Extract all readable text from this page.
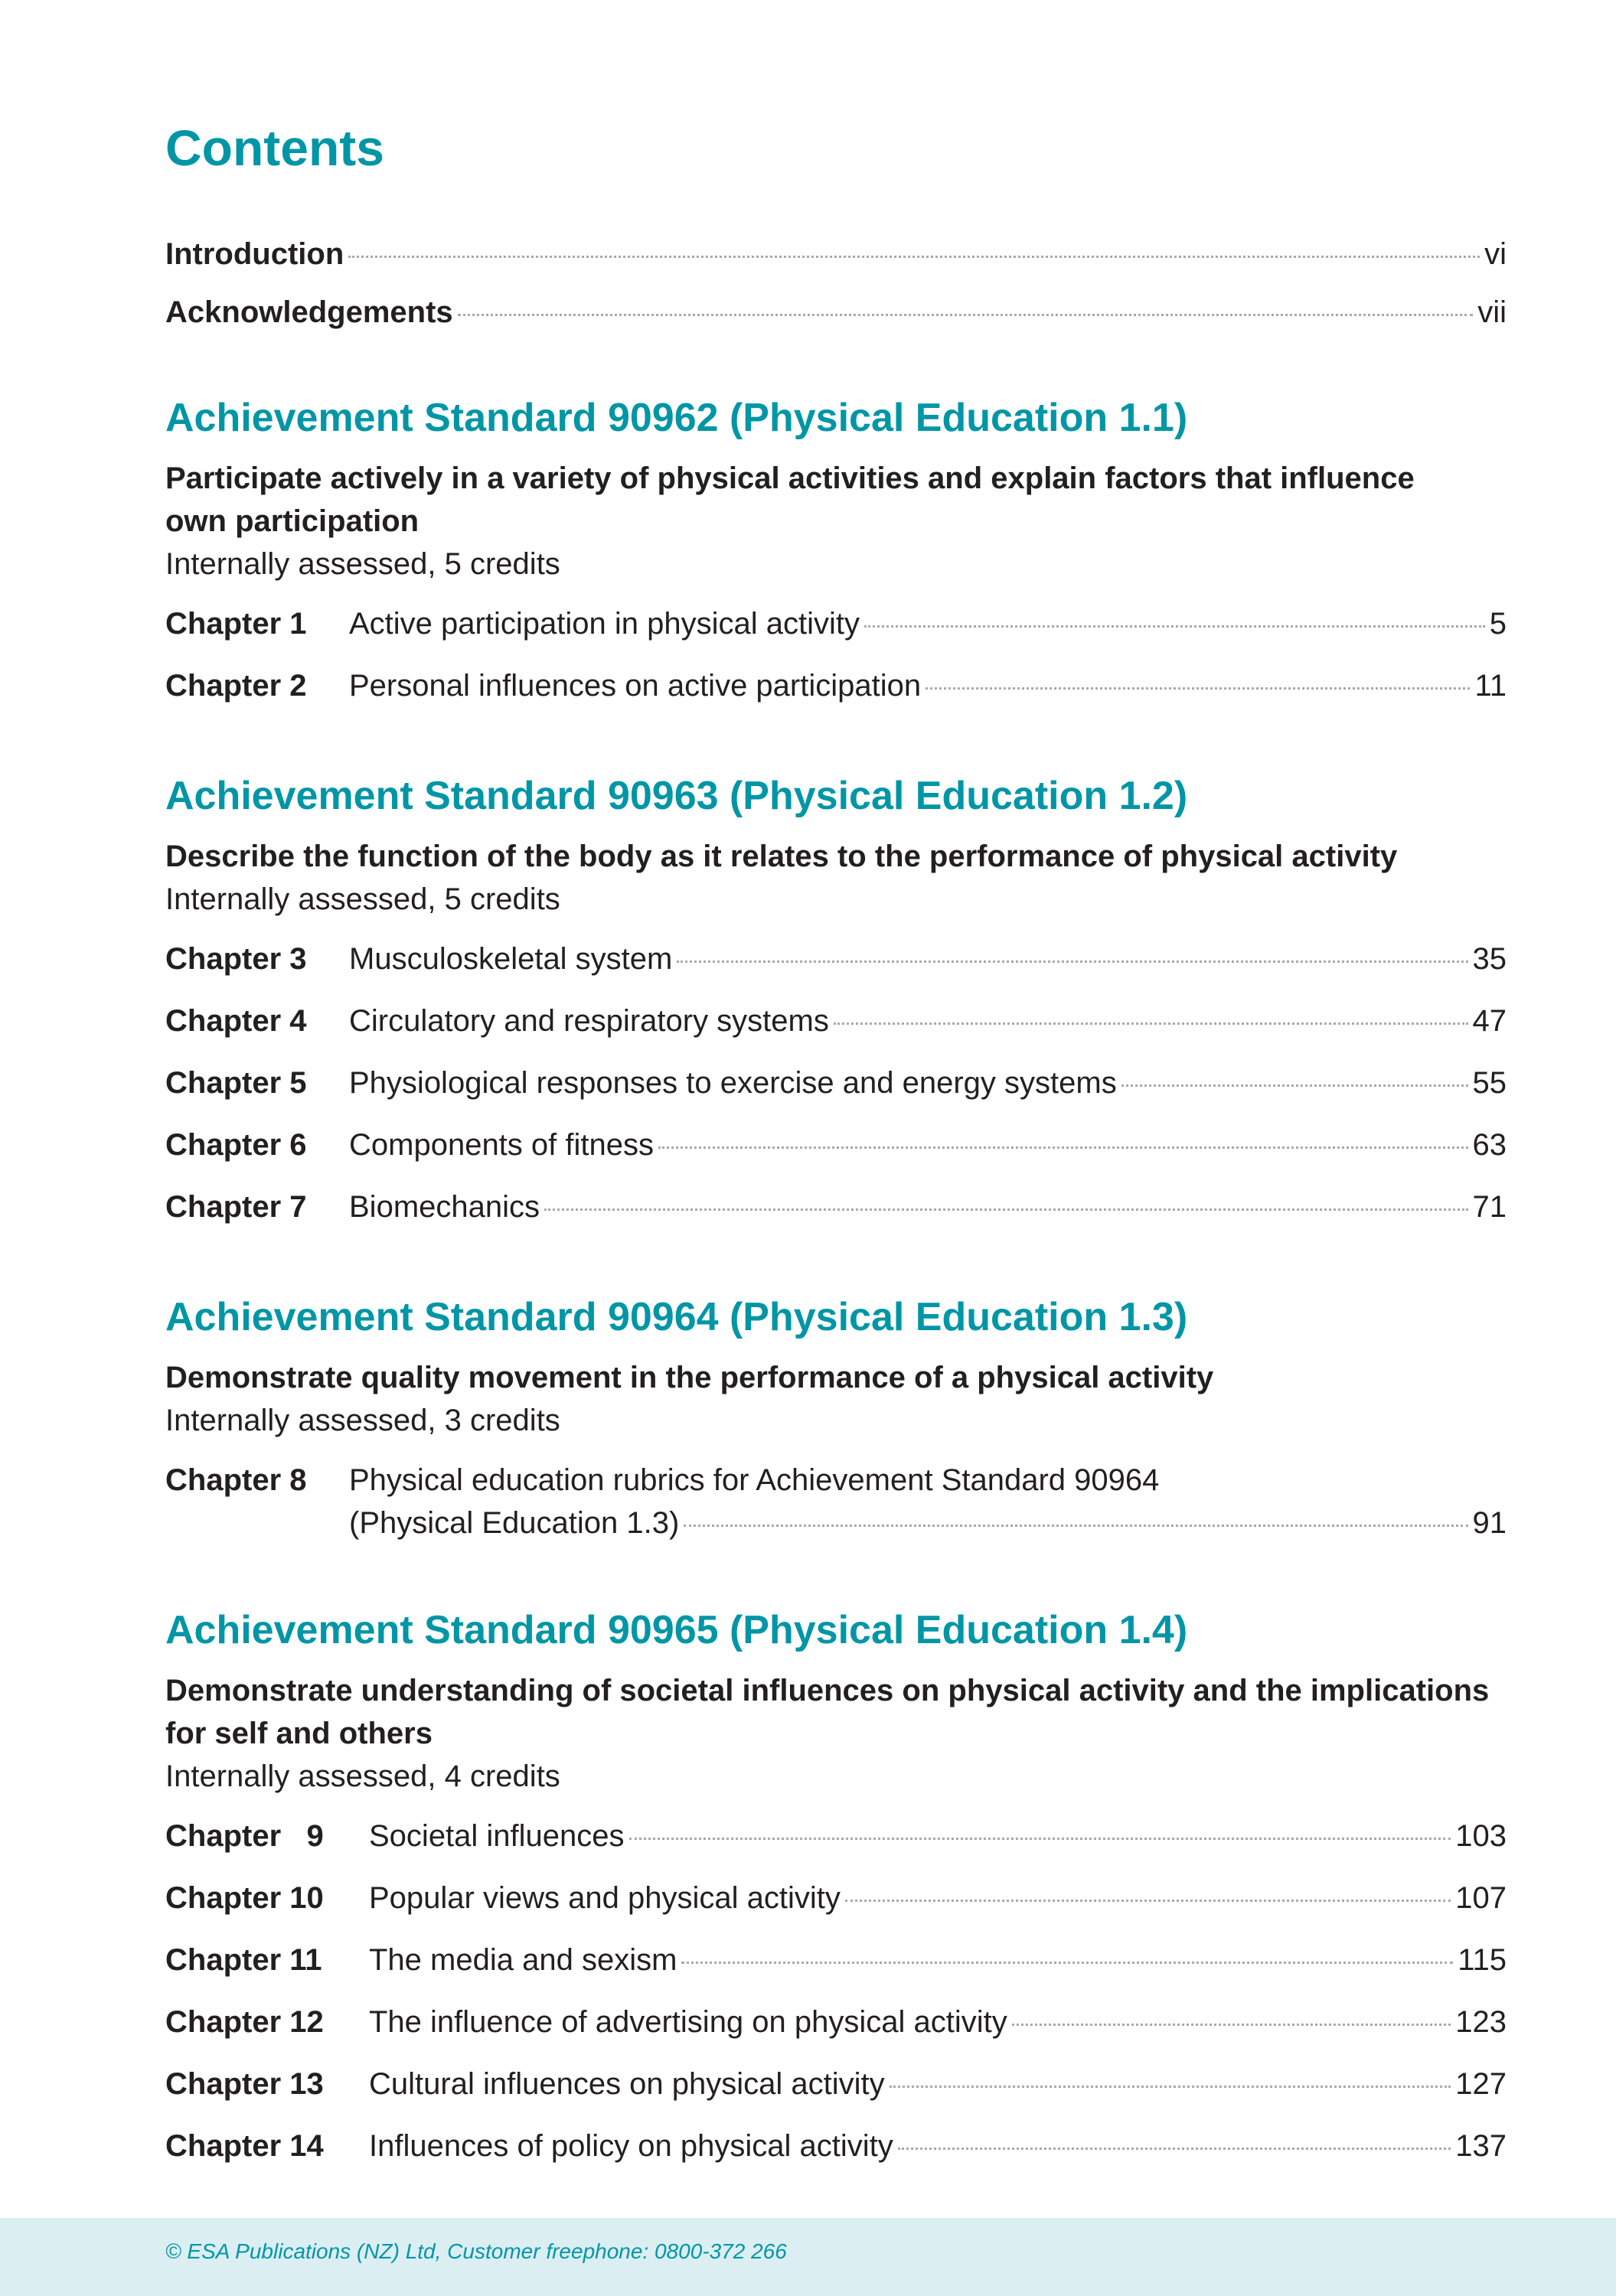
Contents
Introduction	vi
Acknowledgements	vii
Achievement Standard 90962 (Physical Education 1.1)

Participate actively in a variety of physical activities and explain factors that influence
own participation

Internally assessed, 5 credits

Chapter 1	Active participation in physical activity	5
Chapter 2	Personal influences on active participation	11
Achievement Standard 90963 (Physical Education 1.2)

Describe the function of the body as it relates to the performance of physical activity

Internally assessed, 5 credits

Chapter 3	Musculoskeletal system	35
Chapter 4	Circulatory and respiratory systems	47
Chapter 5	Physiological responses to exercise and energy systems	55
Chapter 6	Components of fitness	63
Chapter 7	Biomechanics	71
Achievement Standard 90964 (Physical Education 1.3)

Demonstrate quality movement in the performance of a physical activity

Internally assessed, 3 credits

Chapter 8	Physical education rubrics for Achievement Standard 90964
(Physical Education 1.3)	91
Achievement Standard 90965 (Physical Education 1.4)

Demonstrate understanding of societal influences on physical activity and the implications
for self and others

Internally assessed, 4 credits

Chapter   9	Societal influences	103
Chapter 10	Popular views and physical activity	107
Chapter 11	The media and sexism	115
Chapter 12	The influence of advertising on physical activity	123
Chapter 13	Cultural influences on physical activity	127
Chapter 14	Influences of policy on physical activity	137
© ESA Publications (NZ) Ltd, Customer freephone: 0800-372 266
